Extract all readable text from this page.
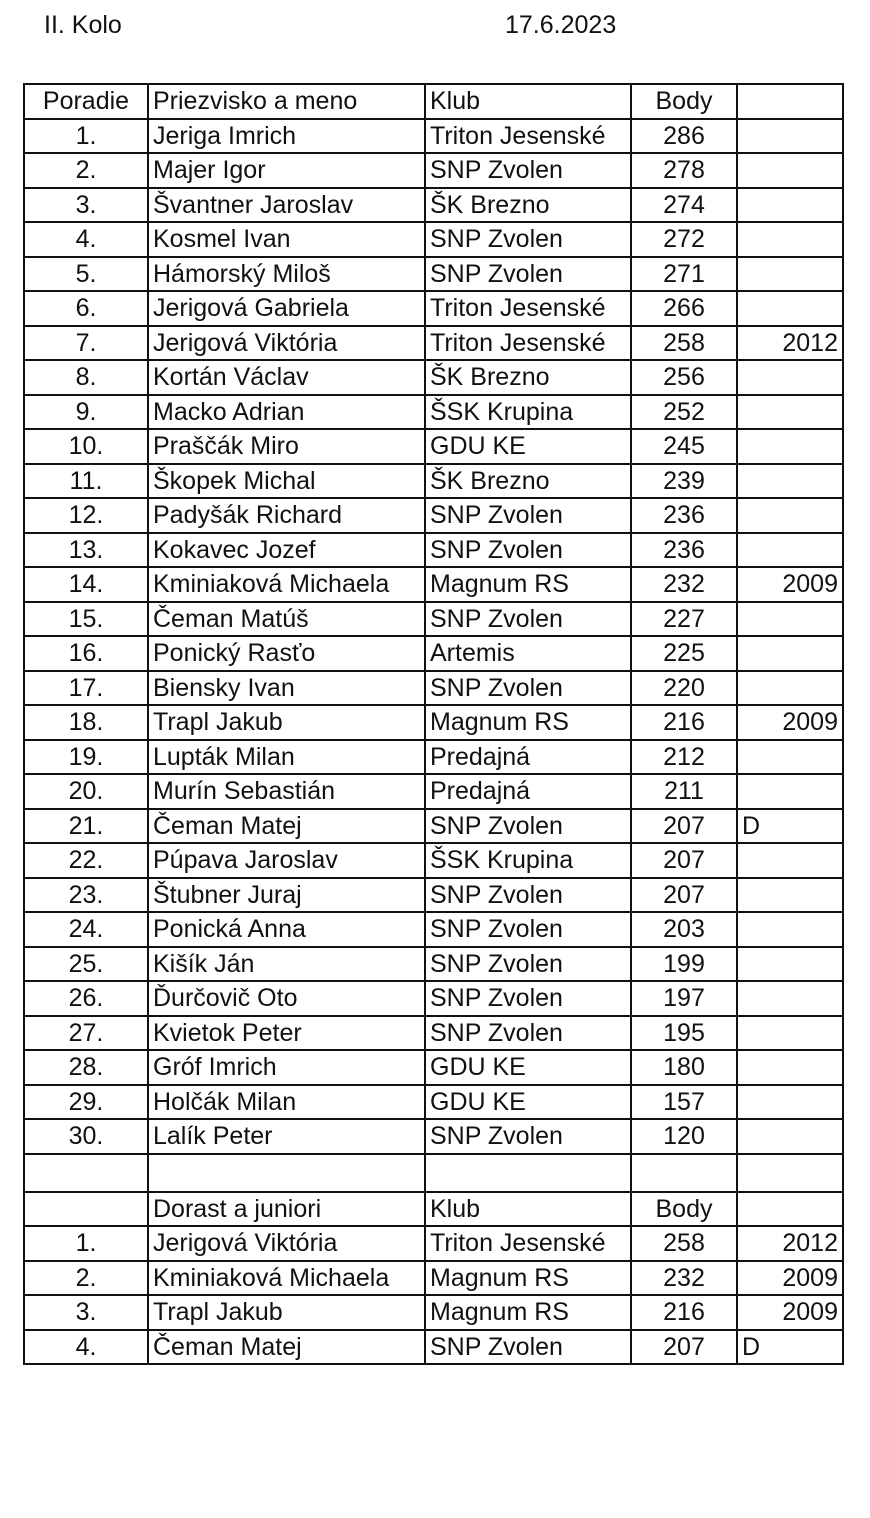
II. Kolo	17.6.2023
Poradie	Priezvisko a meno	Klub	Body	
1.	Jeriga Imrich	Triton Jesenské	286	
2.	Majer Igor	SNP Zvolen	278	
3.	Švantner Jaroslav	ŠK Brezno	274	
4.	Kosmel Ivan	SNP Zvolen	272	
5.	Hámorský Miloš	SNP Zvolen	271	
6.	Jerigová Gabriela	Triton Jesenské	266	
7.	Jerigová Viktória	Triton Jesenské	258	2012
8.	Kortán Václav	ŠK Brezno	256	
9.	Macko Adrian	ŠSK Krupina	252	
10.	Praščák Miro	GDU KE	245	
11.	Škopek Michal	ŠK Brezno	239	
12.	Padyšák Richard	SNP Zvolen	236	
13.	Kokavec Jozef	SNP Zvolen	236	
14.	Kminiaková Michaela	Magnum RS	232	2009
15.	Čeman Matúš	SNP Zvolen	227	
16.	Ponický Rasťo	Artemis	225	
17.	Biensky Ivan	SNP Zvolen	220	
18.	Trapl Jakub	Magnum RS	216	2009
19.	Lupták Milan	Predajná	212	
20.	Murín Sebastián	Predajná	211	
21.	Čeman Matej	SNP Zvolen	207	D
22.	Púpava Jaroslav	ŠSK Krupina	207	
23.	Štubner Juraj	SNP Zvolen	207	
24.	Ponická Anna	SNP Zvolen	203	
25.	Kišík Ján	SNP Zvolen	199	
26.	Ďurčovič Oto	SNP Zvolen	197	
27.	Kvietok Peter	SNP Zvolen	195	
28.	Gróf Imrich	GDU KE	180	
29.	Holčák Milan	GDU KE	157	
30.	Lalík Peter	SNP Zvolen	120	

	Dorast a juniori	Klub	Body	
1.	Jerigová Viktória	Triton Jesenské	258	2012
2.	Kminiaková Michaela	Magnum RS	232	2009
3.	Trapl Jakub	Magnum RS	216	2009
4.	Čeman Matej	SNP Zvolen	207	D
